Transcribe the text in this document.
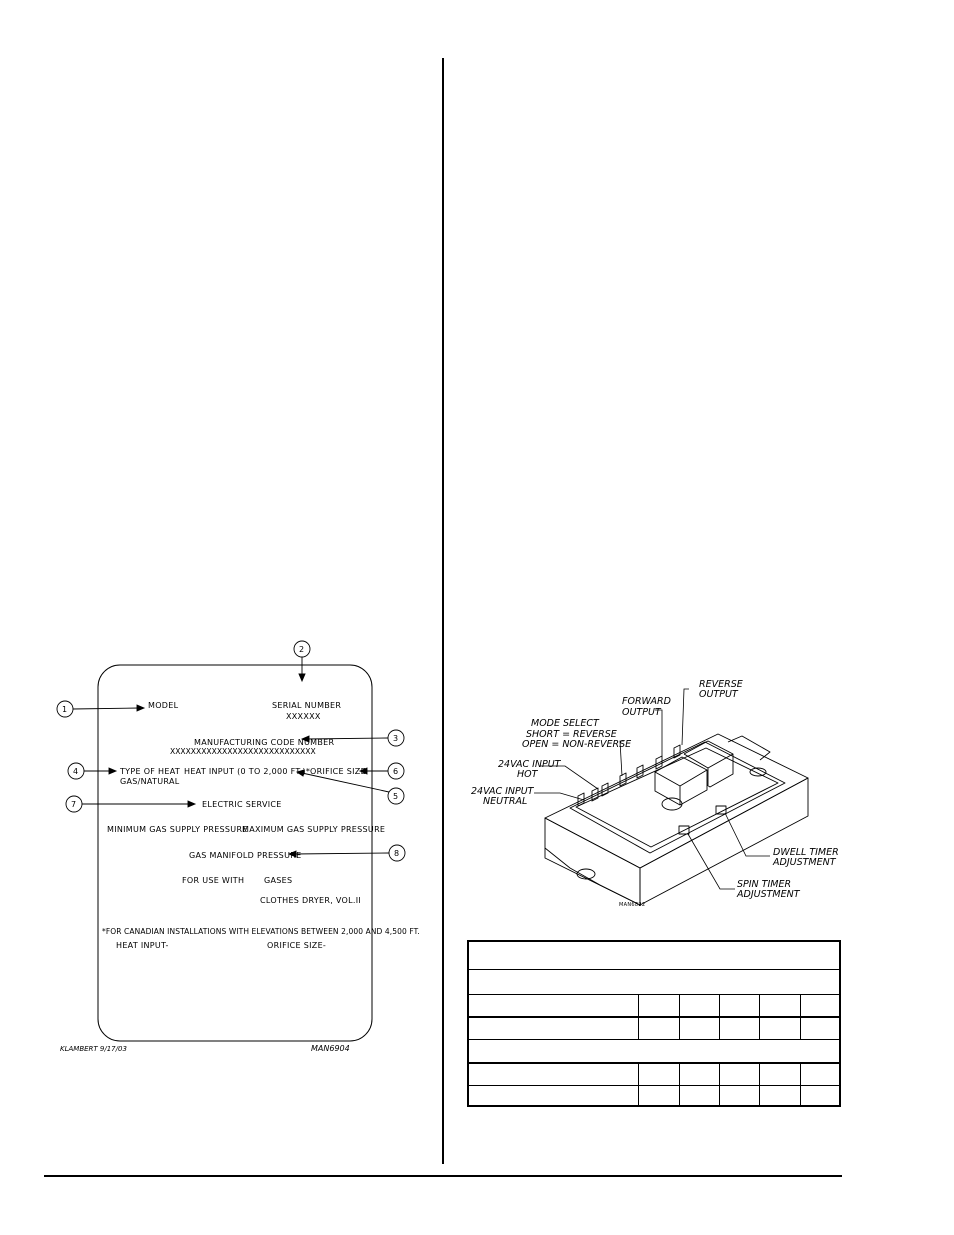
1
2
3
4
5
6
7
8
MODEL	SERIAL NUMBER
XXXXXX
MANUFACTURING CODE NUMBER
XXXXXXXXXXXXXXXXXXXXXXXXXXXX
TYPE OF HEAT
GAS/NATURAL
HEAT INPUT (0 TO 2,000 FT.)* ORIFICE SIZE
ELECTRIC SERVICE
MINIMUM GAS SUPPLY PRESSURE
MAXIMUM GAS SUPPLY PRESSURE
GAS MANIFOLD PRESSURE
FOR USE WITH GASES
CLOTHES DRYER, VOL.II
*FOR CANADIAN INSTALLATIONS WITH ELEVATIONS BETWEEN 2,000 AND 4,500 FT.
HEAT INPUT-	ORIFICE SIZE-
KLAMBERT 9/17/03	MAN6904
REVERSE
OUTPUT
FORWARD
OUTPUT
MODE SELECT
SHORT = REVERSE
OPEN = NON-REVERSE
24VAC INPUT
HOT
24VAC INPUT
NEUTRAL
DWELL TIMER
ADJUSTMENT
SPIN TIMER
ADJUSTMENT
MAN6822
